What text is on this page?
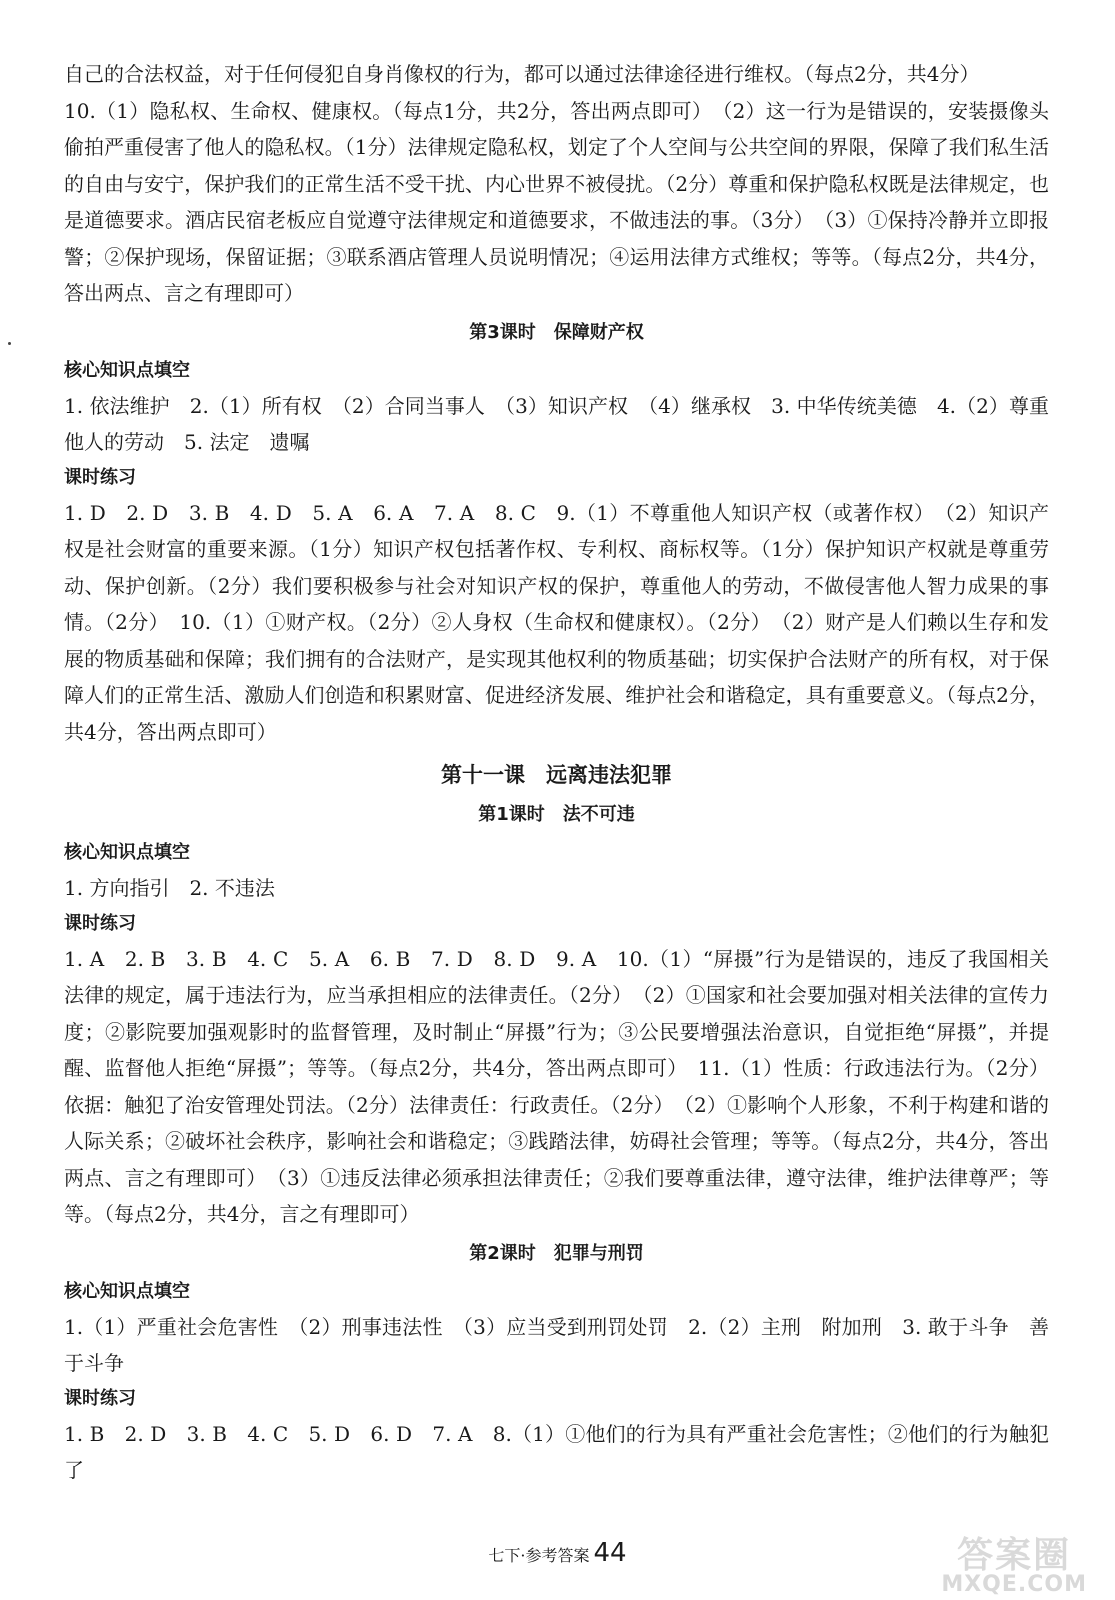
自己的合法权益，对于任何侵犯自身肖像权的行为，都可以通过法律途径进行维权。（每点2分，共4分）
10.（1）隐私权、生命权、健康权。（每点1分，共2分，答出两点即可）　（2）这一行为是错误的，安装摄像头偷拍严重侵害了他人的隐私权。（1分）法律规定隐私权，划定了个人空间与公共空间的界限，保障了我们私生活的自由与安宁，保护我们的正常生活不受干扰、内心世界不被侵扰。（2分）尊重和保护隐私权既是法律规定，也是道德要求。酒店民宿老板应自觉遵守法律规定和道德要求，不做违法的事。（3分）　（3）①保持冷静并立即报警；②保护现场，保留证据；③联系酒店管理人员说明情况；④运用法律方式维权；等等。（每点2分，共4分，答出两点、言之有理即可）
第3课时　保障财产权
核心知识点填空
1. 依法维护　2.（1）所有权　（2）合同当事人　（3）知识产权　（4）继承权　3. 中华传统美德　4.（2）尊重他人的劳动　5. 法定　遗嘱
课时练习
1. D　2. D　3. B　4. D　5. A　6. A　7. A　8. C　9.（1）不尊重他人知识产权（或著作权）　（2）知识产权是社会财富的重要来源。（1分）知识产权包括著作权、专利权、商标权等。（1分）保护知识产权就是尊重劳动、保护创新。（2分）我们要积极参与社会对知识产权的保护，尊重他人的劳动，不做侵害他人智力成果的事情。（2分）　10.（1）①财产权。（2分）②人身权（生命权和健康权）。（2分）　（2）财产是人们赖以生存和发展的物质基础和保障；我们拥有的合法财产，是实现其他权利的物质基础；切实保护合法财产的所有权，对于保障人们的正常生活、激励人们创造和积累财富、促进经济发展、维护社会和谐稳定，具有重要意义。（每点2分，共4分，答出两点即可）
第十一课　远离违法犯罪
第1课时　法不可违
核心知识点填空
1. 方向指引　2. 不违法
课时练习
1. A　2. B　3. B　4. C　5. A　6. B　7. D　8. D　9. A　10.（1）“屏摄”行为是错误的，违反了我国相关法律的规定，属于违法行为，应当承担相应的法律责任。（2分）　（2）①国家和社会要加强对相关法律的宣传力度；②影院要加强观影时的监督管理，及时制止“屏摄”行为；③公民要增强法治意识，自觉拒绝“屏摄”，并提醒、监督他人拒绝“屏摄”；等等。（每点2分，共4分，答出两点即可）　11.（1）性质：行政违法行为。（2分）依据：触犯了治安管理处罚法。（2分）法律责任：行政责任。（2分）　（2）①影响个人形象，不利于构建和谐的人际关系；②破坏社会秩序，影响社会和谐稳定；③践踏法律，妨碍社会管理；等等。（每点2分，共4分，答出两点、言之有理即可）　（3）①违反法律必须承担法律责任；②我们要尊重法律，遵守法律，维护法律尊严；等等。（每点2分，共4分，言之有理即可）
第2课时　犯罪与刑罚
核心知识点填空
1.（1）严重社会危害性　（2）刑事违法性　（3）应当受到刑罚处罚　2.（2）主刑　附加刑　3. 敢于斗争　善于斗争
课时练习
1. B　2. D　3. B　4. C　5. D　6. D　7. A　8.（1）①他们的行为具有严重社会危害性；②他们的行为触犯了
七下·参考答案 44	答案圈
MXQE.COM
